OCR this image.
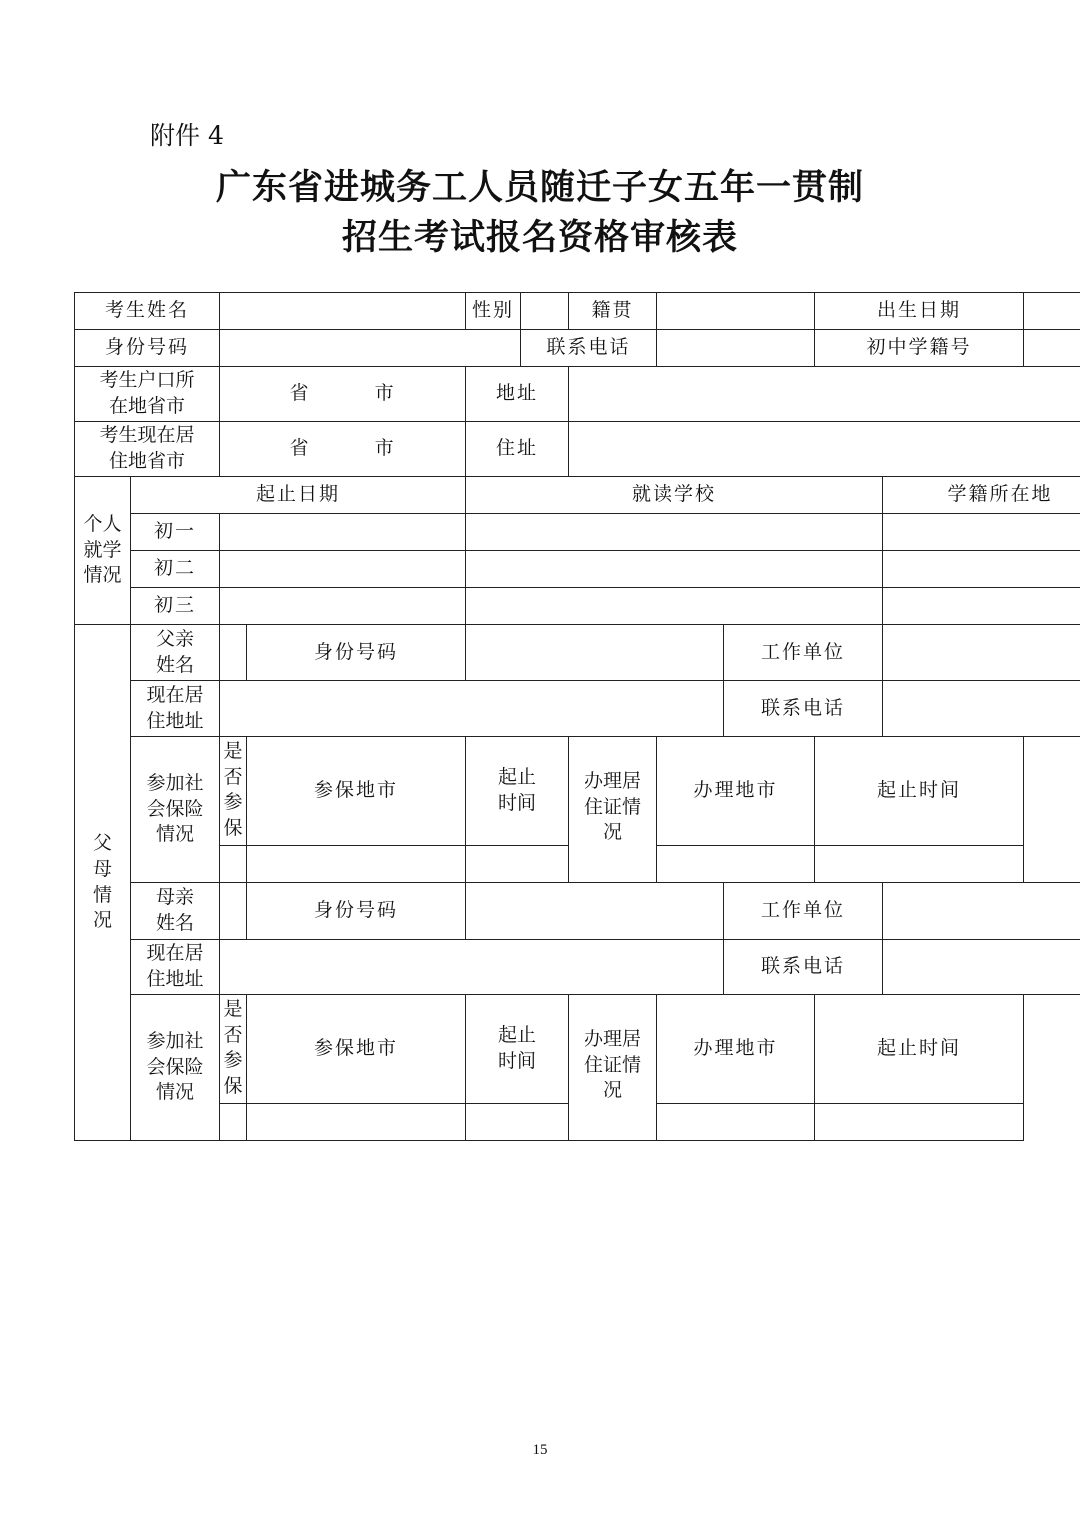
附件 4
广东省进城务工人员随迁子女五年一贯制
招生考试报名资格审核表
考生姓名				性别		籍贯			出生日期		
身份号码					联系电话				初中学籍号		
考生户口所在地省市		省 市		地址							
考生现在居住地省市		省 市		住址							
个人就学情况	起止日期			就读学校						学籍所在地	
	初一										
	初二										
	初三										
父母情况	父亲姓名		身份号码					工作单位			
	现在居住地址							联系电话			
	参加社会保险情况	是否参保	参保地市	起止时间		办理居住证情况	办理地市		起止时间		

	母亲姓名		身份号码					工作单位			
	现在居住地址							联系电话			
	参加社会保险情况	是否参保	参保地市	起止时间		办理居住证情况	办理地市		起止时间		

15
